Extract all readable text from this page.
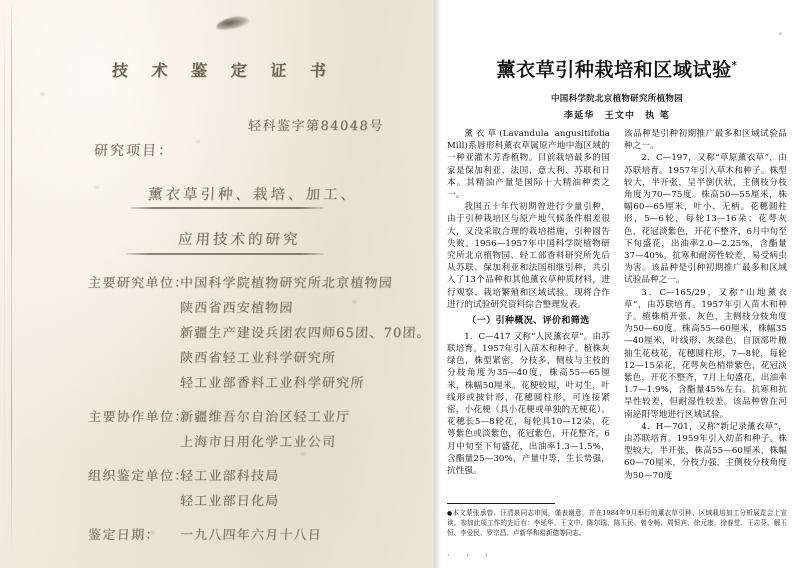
技 术 鉴 定 证 书
轻科鉴字第84048号
研究项目：
薰衣草引种、栽培、加工、
应用技术的研究
主要研究单位：
中国科学院植物研究所北京植物园
陕西省西安植物园
新疆生产建设兵团农四师65团、70团。
陕西省轻工业科学研究所
轻工业部香料工业科学研究所
主要协作单位：
新疆维吾尔自治区轻工业厅
上海市日用化学工业公司
组织鉴定单位：
轻工业部科技局
轻工业部日化局
鉴定日期： 一九八四年六月十八日
薰衣草引种栽培和区域试验*
中国科学院北京植物研究所植物园
李延华 王文中 执 笔

薰衣草(Lavandula angusitifolia Mill)系唇形科薰衣草属原产地中海区域的一种亚灌木芳香植物。目前栽培最多的国家是保加利亚、法国、意大利、苏联和日本。其精油产量是国际十大精油种类之一。

我国五十年代初期曾进行少量引种，由于引种栽培区与原产地气候条件相差很大，又没采取合理的栽培措施，引种圆告失败。1956—1957年中国科学院植物研究所北京植物园、轻工部香料研究所先后从苏联、保加利亚和法国相继引种，共引入了13个品种和其他薰衣草种质材料，进行观察、栽培繁殖和区域试验。现将合作进行的试验研究资料综合整理发表。

（一）引种概况、评价和筛选

1．C—417 又称“人民薰衣草”。由苏联培育。1957年引入苗木和种子。植株灰绿色，株型紧密，分枝多，侧枝与主枝的分枝角度为35—40度，株高55—65厘米，株幅50厘米。花梗较短，叶对生，叶线形或披针形，花穗圆柱形，可连接紧密，小花梗（具小花梗或单独的无梗花）。花穗长5—8轮花，每轮具10—12朵，花萼紫色或淡紫色，花冠紫色，开花整齐，6月中旬至下旬盛花，出油率1.3—1.5%，含酯量25—30%，产量中等，生长势强，抗性强。

该品种是引种初期推广最多和区域试验品种之一。

2．C—197，又称“草原薰衣草”，由苏联培育。1957年引入草木和种子。株型较大，半开张，呈半倒伏状，主侧枝分枝角度为70—75度。株高50—55厘米，株幅60—65厘米，叶小、无柄。花穗圆柱形，5—6轮，每轮13—16朵；花萼灰色，花冠淡紫色，开花不整齐，6月中旬至下旬盛花，出油率2.0—2.25%，含酯量37—40%。抗寒和耐涝性较差，易受病虫为害。该品种是引种初期推广最多和区域试验品种之一。

3．C—165/29，又称“山地薰衣草”，由苏联培育。1957年引入苗木和种子。植株梢开张、灰色，主侧枝分枝角度为50—60度。株高55—60厘米，株幅35—40厘米，叶线形、灰绿色，自顶部叶腋抽生花枝花，花穗圆柱形，7—8轮，每轮12—15朵花，花萼灰色梢带紫色，花冠淡紫色，开花不整齐，7月上旬盛花，出油率1.7—1.9%，含酯量45%左右。抗寒和抗旱性较差，但耐湿性较差。该品种曾在河南泌阳等地进行区域试验。

4．H—701，又称“新记录薰衣草”，由苏联培育。1959年引入幼苗和种子。株型较大，半开张，株高55—60厘米，株幅60—70厘米，分枝力强，主侧枝分枝角度为50—70度

●本文蒙张承曾、汪清泉同志审阅，谨表谢意，并在1984年9月举行的薰衣草引种、区域栽培加工分析展览会上宣读。参加此项工作的先后有：李延华、王文中、陈尔瑞、陈玉民、曾令畅、周恒宾、徐元康、徐春堂、王志芬、解玉恒、李爱民、罗宗昌、卢新华和易新德等同志。
· · ·
